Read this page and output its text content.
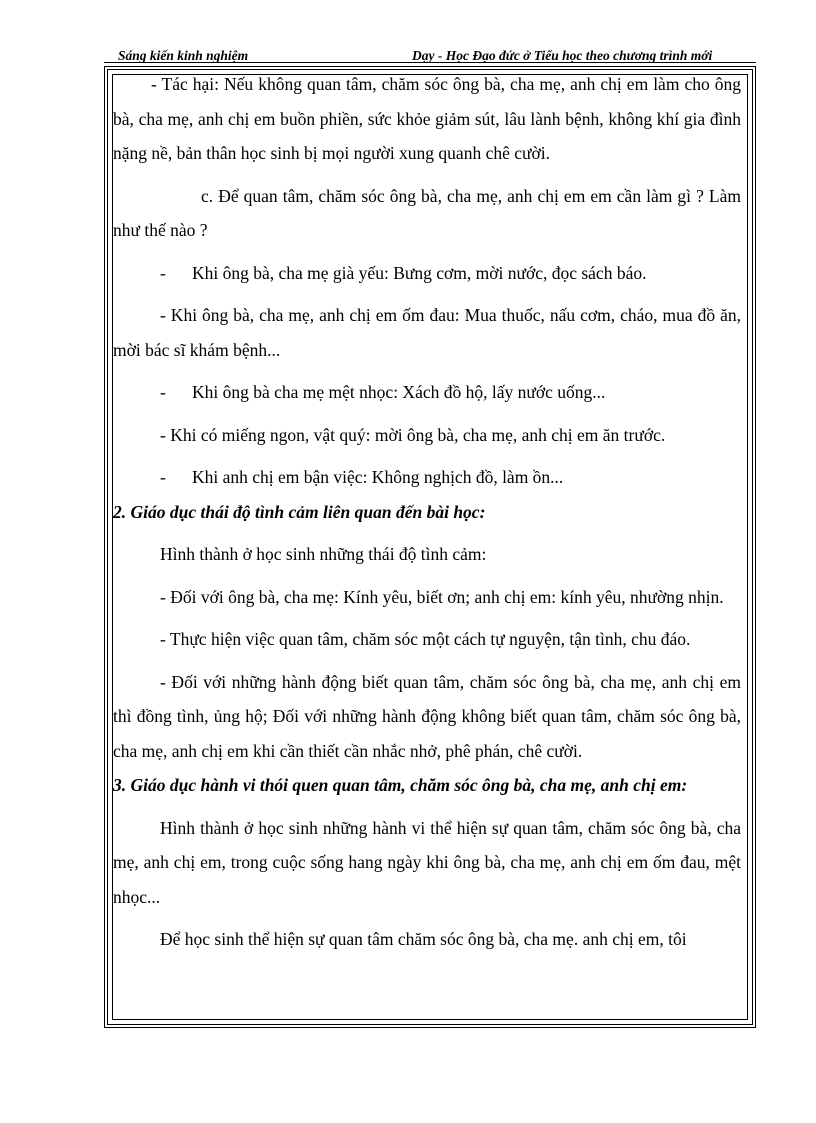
Sáng kiến kinh nghiệm	Dạy - Học Đạo đức ở Tiểu học theo chương trình mới

- Tác hại: Nếu không quan tâm, chăm sóc ông bà, cha mẹ, anh chị em làm cho ông bà, cha mẹ, anh chị em buồn phiền, sức khỏe giảm sút, lâu lành bệnh, không khí gia đình nặng nề, bản thân học sinh bị mọi người xung quanh chê cười.

c. Để quan tâm, chăm sóc ông bà, cha mẹ, anh chị em em cần làm gì ? Làm như thế nào ?

- Khi ông bà, cha mẹ già yếu: Bưng cơm, mời nước, đọc sách báo.

- Khi ông bà, cha mẹ, anh chị em ốm đau: Mua thuốc, nấu cơm, cháo, mua đồ ăn, mời bác sĩ khám bệnh...

- Khi ông bà cha mẹ mệt nhọc: Xách đồ hộ, lấy nước uống...

- Khi có miếng ngon, vật quý: mời ông bà, cha mẹ, anh chị em ăn trước.

- Khi anh chị em bận việc: Không nghịch đồ, làm ồn...

2. Giáo dục thái độ tình cảm liên quan đến bài học:

Hình thành ở học sinh những thái độ tình cảm:

- Đối với ông bà, cha mẹ: Kính yêu, biết ơn; anh chị em: kính yêu, nhường nhịn.

- Thực hiện việc quan tâm, chăm sóc một cách tự nguyện, tận tình, chu đáo.

- Đối với những hành động biết quan tâm, chăm sóc ông bà, cha mẹ, anh chị em thì đồng tình, ủng hộ; Đối với những hành động không biết quan tâm, chăm sóc ông bà, cha mẹ, anh chị em khi cần thiết cần nhắc nhở, phê phán, chê cười.

3. Giáo dục hành vi thói quen quan tâm, chăm sóc ông bà, cha mẹ, anh chị em:

Hình thành ở học sinh những hành vi thể hiện sự quan tâm, chăm sóc ông bà, cha mẹ, anh chị em, trong cuộc sống hang ngày khi ông bà, cha mẹ, anh chị em ốm đau, mệt nhọc...

Để học sinh thể hiện sự quan tâm chăm sóc ông bà, cha mẹ. anh chị em, tôi
